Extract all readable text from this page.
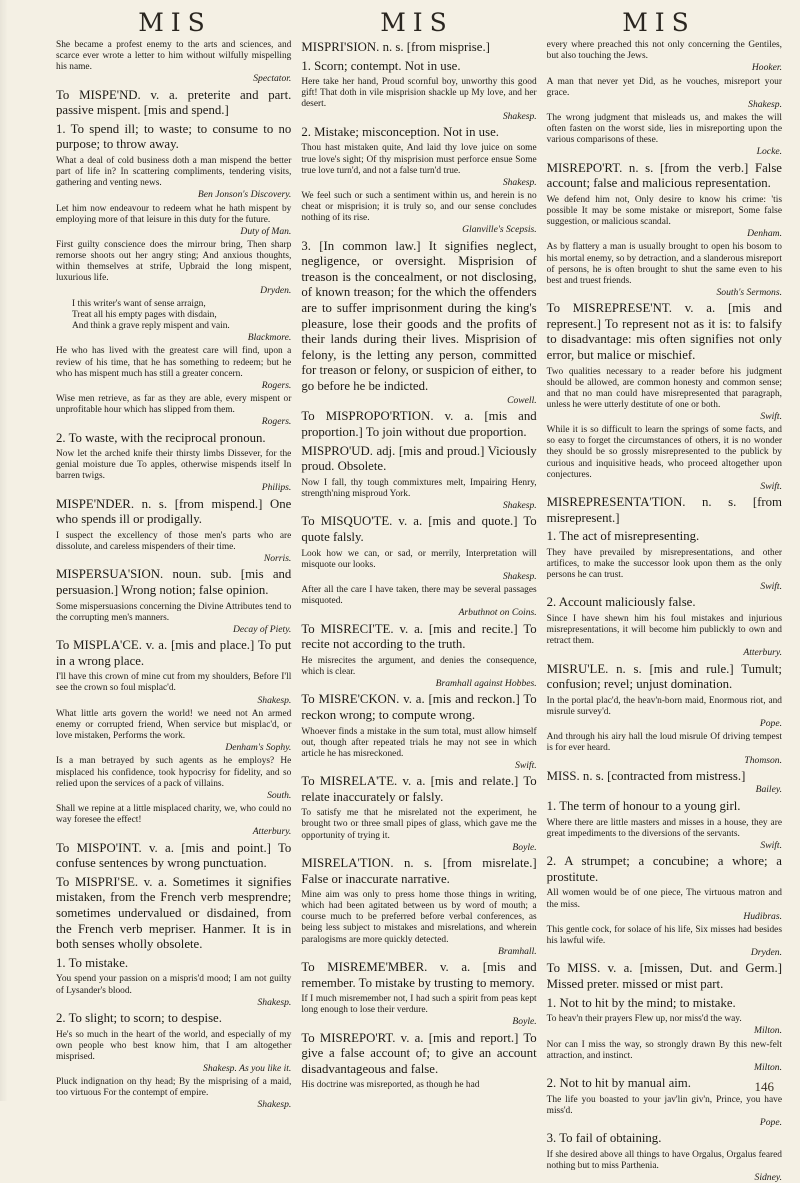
MIS	MIS	MIS

She became a profest enemy to the arts and sciences, and scarce ever wrote a letter to him without wilfully mispelling his name.
Spectator.

To MISPE'ND. v. a. preterite and part. passive mispent. [mis and spend.]

1. To spend ill; to waste; to consume to no purpose; to throw away.

What a deal of cold business doth a man mispend the better part of life in? In scattering compliments, tendering visits, gathering and venting news.
Ben Jonson's Discovery.

Let him now endeavour to redeem what he hath mispent by employing more of that leisure in this duty for the future.
Duty of Man.

First guilty conscience does the mirrour bring, Then sharp remorse shoots out her angry sting; And anxious thoughts, within themselves at strife, Upbraid the long mispent, luxurious life.
Dryden.

I this writer's want of sense arraign,
Treat all his empty pages with disdain,
And think a grave reply mispent and vain.
Blackmore.

He who has lived with the greatest care will find, upon a review of his time, that he has something to redeem; but he who has mispent much has still a greater concern.
Rogers.

Wise men retrieve, as far as they are able, every mispent or unprofitable hour which has slipped from them.
Rogers.

2. To waste, with the reciprocal pronoun.

Now let the arched knife their thirsty limbs Dissever, for the genial moisture due To apples, otherwise mispends itself In barren twigs.
Philips.

MISPE'NDER. n. s. [from mispend.] One who spends ill or prodigally.

I suspect the excellency of those men's parts who are dissolute, and careless mispenders of their time.
Norris.

MISPERSUA'SION. noun. sub. [mis and persuasion.] Wrong notion; false opinion.

Some mispersuasions concerning the Divine Attributes tend to the corrupting men's manners.
Decay of Piety.

To MISPLA'CE. v. a. [mis and place.] To put in a wrong place.

I'll have this crown of mine cut from my shoulders, Before I'll see the crown so foul misplac'd.
Shakesp.

What little arts govern the world! we need not An armed enemy or corrupted friend, When service but misplac'd, or love mistaken, Performs the work.
Denham's Sophy.

Is a man betrayed by such agents as he employs? He misplaced his confidence, took hypocrisy for fidelity, and so relied upon the services of a pack of villains.
South.

Shall we repine at a little misplaced charity, we, who could no way foresee the effect!
Atterbury.

To MISPO'INT. v. a. [mis and point.] To confuse sentences by wrong punctuation.

To MISPRI'SE. v. a. Sometimes it signifies mistaken, from the French verb mesprendre; sometimes undervalued or disdained, from the French verb mepriser. Hanmer. It is in both senses wholly obsolete.

1. To mistake.

You spend your passion on a mispris'd mood; I am not guilty of Lysander's blood.
Shakesp.

2. To slight; to scorn; to despise.

He's so much in the heart of the world, and especially of my own people who best know him, that I am altogether misprised.
Shakesp. As you like it.

Pluck indignation on thy head; By the misprising of a maid, too virtuous For the contempt of empire.
Shakesp.

MISPRI'SION. n. s. [from misprise.]

1. Scorn; contempt. Not in use.

Here take her hand, Proud scornful boy, unworthy this good gift! That doth in vile misprision shackle up My love, and her desert.
Shakesp.

2. Mistake; misconception. Not in use.

Thou hast mistaken quite, And laid thy love juice on some true love's sight; Of thy misprision must perforce ensue Some true love turn'd, and not a false turn'd true.
Shakesp.

We feel such or such a sentiment within us, and herein is no cheat or misprision; it is truly so, and our sense concludes nothing of its rise.
Glanville's Scepsis.

3. [In common law.] It signifies neglect, negligence, or oversight. Misprision of treason is the concealment, or not disclosing, of known treason; for the which the offenders are to suffer imprisonment during the king's pleasure, lose their goods and the profits of their lands during their lives. Misprision of felony, is the letting any person, committed for treason or felony, or suspicion of either, to go before he be indicted.
Cowell.

To MISPROPO'RTION. v. a. [mis and proportion.] To join without due proportion.

MISPRO'UD. adj. [mis and proud.] Viciously proud. Obsolete.

Now I fall, thy tough commixtures melt, Impairing Henry, strength'ning misproud York.
Shakesp.

To MISQUO'TE. v. a. [mis and quote.] To quote falsly.

Look how we can, or sad, or merrily, Interpretation will misquote our looks.
Shakesp.

After all the care I have taken, there may be several passages misquoted.
Arbuthnot on Coins.

To MISRECI'TE. v. a. [mis and recite.] To recite not according to the truth.

He misrecites the argument, and denies the consequence, which is clear.
Bramhall against Hobbes.

To MISRE'CKON. v. a. [mis and reckon.] To reckon wrong; to compute wrong.

Whoever finds a mistake in the sum total, must allow himself out, though after repeated trials he may not see in which article he has misreckoned.
Swift.

To MISRELA'TE. v. a. [mis and relate.] To relate inaccurately or falsly.

To satisfy me that he misrelated not the experiment, he brought two or three small pipes of glass, which gave me the opportunity of trying it.
Boyle.

MISRELA'TION. n. s. [from misrelate.] False or inaccurate narrative.

Mine aim was only to press home those things in writing, which had been agitated between us by word of mouth; a course much to be preferred before verbal conferences, as being less subject to mistakes and misrelations, and wherein paralogisms are more quickly detected.
Bramhall.

To MISREME'MBER. v. a. [mis and remember. To mistake by trusting to memory.

If I much misremember not, I had such a spirit from peas kept long enough to lose their verdure.
Boyle.

To MISREPO'RT. v. a. [mis and report.] To give a false account of; to give an account disadvantageous and false.

His doctrine was misreported, as though he had

every where preached this not only concerning the Gentiles, but also touching the Jews.
Hooker.

A man that never yet Did, as he vouches, misreport your grace.
Shakesp.

The wrong judgment that misleads us, and makes the will often fasten on the worst side, lies in misreporting upon the various comparisons of these.
Locke.

MISREPO'RT. n. s. [from the verb.] False account; false and malicious representation.

We defend him not, Only desire to know his crime: 'tis possible It may be some mistake or misreport, Some false suggestion, or malicious scandal.
Denham.

As by flattery a man is usually brought to open his bosom to his mortal enemy, so by detraction, and a slanderous misreport of persons, he is often brought to shut the same even to his best and truest friends.
South's Sermons.

To MISREPRESE'NT. v. a. [mis and represent.] To represent not as it is: to falsify to disadvantage: mis often signifies not only error, but malice or mischief.

Two qualities necessary to a reader before his judgment should be allowed, are common honesty and common sense; and that no man could have misrepresented that paragraph, unless he were utterly destitute of one or both.
Swift.

While it is so difficult to learn the springs of some facts, and so easy to forget the circumstances of others, it is no wonder they should be so grossly misrepresented to the publick by curious and inquisitive heads, who proceed altogether upon conjectures.
Swift.

MISREPRESENTA'TION. n. s. [from misrepresent.]

1. The act of misrepresenting.

They have prevailed by misrepresentations, and other artifices, to make the successor look upon them as the only persons he can trust.
Swift.

2. Account maliciously false.

Since I have shewn him his foul mistakes and injurious misrepresentations, it will become him publickly to own and retract them.
Atterbury.

MISRU'LE. n. s. [mis and rule.] Tumult; confusion; revel; unjust domination.

In the portal plac'd, the heav'n-born maid, Enormous riot, and misrule survey'd.
Pope.

And through his airy hall the loud misrule Of driving tempest is for ever heard.
Thomson.

MISS. n. s. [contracted from mistress.]
Bailey.

1. The term of honour to a young girl.

Where there are little masters and misses in a house, they are great impediments to the diversions of the servants.
Swift.

2. A strumpet; a concubine; a whore; a prostitute.

All women would be of one piece, The virtuous matron and the miss.
Hudibras.

This gentle cock, for solace of his life, Six misses had besides his lawful wife.
Dryden.

To MISS. v. a. [missen, Dut. and Germ.] Missed preter. missed or mist part.

1. Not to hit by the mind; to mistake.

To heav'n their prayers Flew up, nor miss'd the way.
Milton.

Nor can I miss the way, so strongly drawn By this new-felt attraction, and instinct.
Milton.

2. Not to hit by manual aim.

The life you boasted to your jav'lin giv'n, Prince, you have miss'd.
Pope.

3. To fail of obtaining.

If she desired above all things to have Orgalus, Orgalus feared nothing but to miss Parthenia.
Sidney.

146
